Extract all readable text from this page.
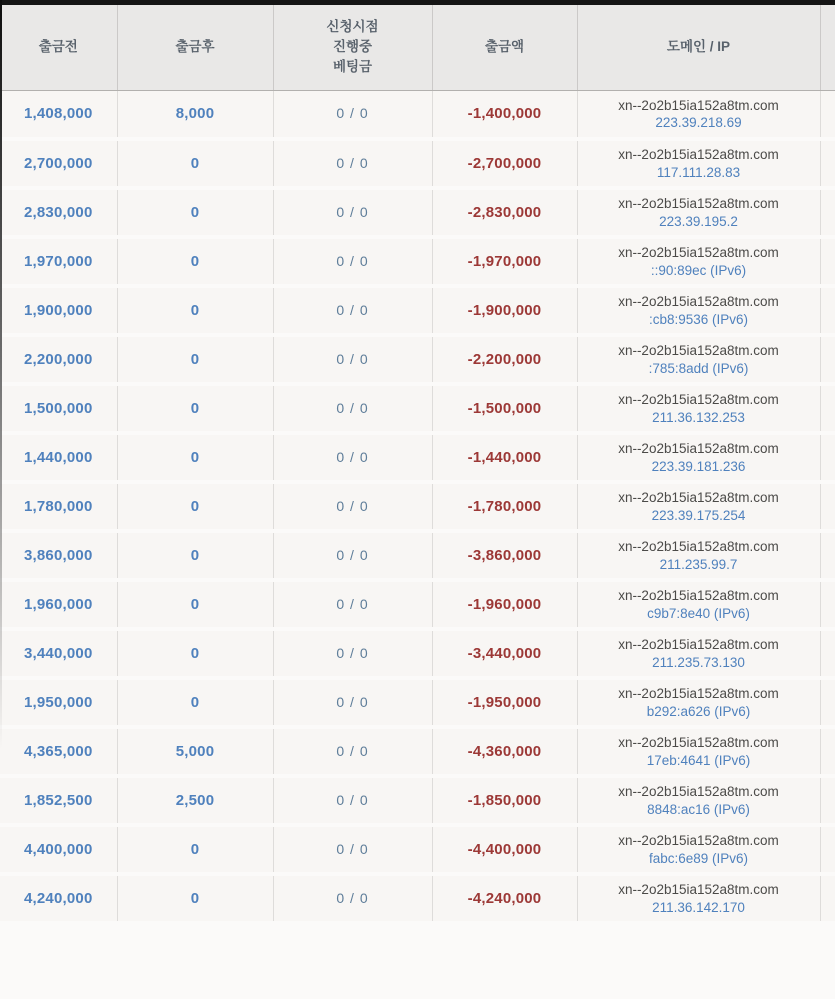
출금전	출금후	신청시점
진행중
베팅금	출금액	도메인 / IP	

1,408,000	8,000	0 / 0	-1,400,000	xn--2o2b15ia152a8tm.com
223.39.218.69	

2,700,000	0	0 / 0	-2,700,000	xn--2o2b15ia152a8tm.com
117.111.28.83	

2,830,000	0	0 / 0	-2,830,000	xn--2o2b15ia152a8tm.com
223.39.195.2	

1,970,000	0	0 / 0	-1,970,000	xn--2o2b15ia152a8tm.com
::90:89ec (IPv6)	

1,900,000	0	0 / 0	-1,900,000	xn--2o2b15ia152a8tm.com
:cb8:9536 (IPv6)	

2,200,000	0	0 / 0	-2,200,000	xn--2o2b15ia152a8tm.com
:785:8add (IPv6)	

1,500,000	0	0 / 0	-1,500,000	xn--2o2b15ia152a8tm.com
211.36.132.253	

1,440,000	0	0 / 0	-1,440,000	xn--2o2b15ia152a8tm.com
223.39.181.236	

1,780,000	0	0 / 0	-1,780,000	xn--2o2b15ia152a8tm.com
223.39.175.254	

3,860,000	0	0 / 0	-3,860,000	xn--2o2b15ia152a8tm.com
211.235.99.7	

1,960,000	0	0 / 0	-1,960,000	xn--2o2b15ia152a8tm.com
c9b7:8e40 (IPv6)	

3,440,000	0	0 / 0	-3,440,000	xn--2o2b15ia152a8tm.com
211.235.73.130	

1,950,000	0	0 / 0	-1,950,000	xn--2o2b15ia152a8tm.com
b292:a626 (IPv6)	

4,365,000	5,000	0 / 0	-4,360,000	xn--2o2b15ia152a8tm.com
17eb:4641 (IPv6)	

1,852,500	2,500	0 / 0	-1,850,000	xn--2o2b15ia152a8tm.com
8848:ac16 (IPv6)	

4,400,000	0	0 / 0	-4,400,000	xn--2o2b15ia152a8tm.com
fabc:6e89 (IPv6)	

4,240,000	0	0 / 0	-4,240,000	xn--2o2b15ia152a8tm.com
211.36.142.170	
